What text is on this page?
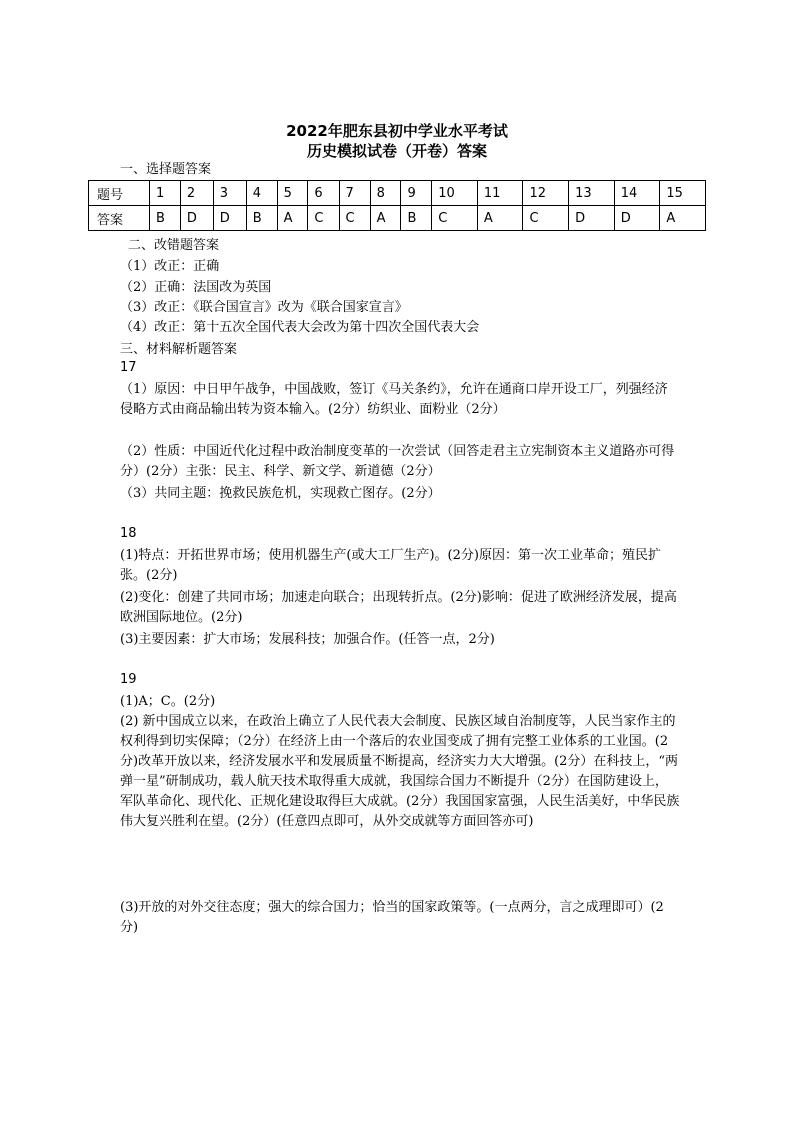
2022年肥东县初中学业水平考试
历史模拟试卷（开卷）答案
一、选择题答案
题号	1	2	3	4	5	6	7	8	9	10	11	12	13	14	15
答案	B	D	D	B	A	C	C	A	B	C	A	C	D	D	A
二、改错题答案
（1）改正：正确
（2）正确：法国改为英国
（3）改正：《联合国宣言》改为《联合国家宣言》
（4）改正：第十五次全国代表大会改为第十四次全国代表大会
三、材料解析题答案
17
（1）原因：中日甲午战争，中国战败，签订《马关条约》，允许在通商口岸开设工厂，列强经济侵略方式由商品输出转为资本输入。(2分）纺织业、面粉业（2分）
（2）性质：中国近代化过程中政治制度变革的一次尝试（回答走君主立宪制资本主义道路亦可得分）(2分）主张：民主、科学、新文学、新道德（2分）
（3）共同主题：挽救民族危机，实现救亡图存。(2分）
18
(1)特点：开拓世界市场；使用机器生产(或大工厂生产)。(2分)原因：第一次工业革命；殖民扩张。(2分)
(2)变化：创建了共同市场；加速走向联合；出现转折点。(2分)影响：促进了欧洲经济发展，提高欧洲国际地位。(2分)
(3)主要因素：扩大市场；发展科技；加强合作。(任答一点，2分)
19
(1)A；C。(2分)
(2) 新中国成立以来，在政治上确立了人民代表大会制度、民族区域自治制度等，人民当家作主的权利得到切实保障；（2分）在经济上由一个落后的农业国变成了拥有完整工业体系的工业国。(2分)改革开放以来，经济发展水平和发展质量不断提高，经济实力大大增强。(2分）在科技上，“两弹一星”研制成功，载人航天技术取得重大成就，我国综合国力不断提升（2分）在国防建设上，军队革命化、现代化、正规化建设取得巨大成就。(2分）我国国家富强，人民生活美好，中华民族伟大复兴胜利在望。(2分）(任意四点即可，从外交成就等方面回答亦可)
(3)开放的对外交往态度；强大的综合国力；恰当的国家政策等。(一点两分，言之成理即可）(2分)
